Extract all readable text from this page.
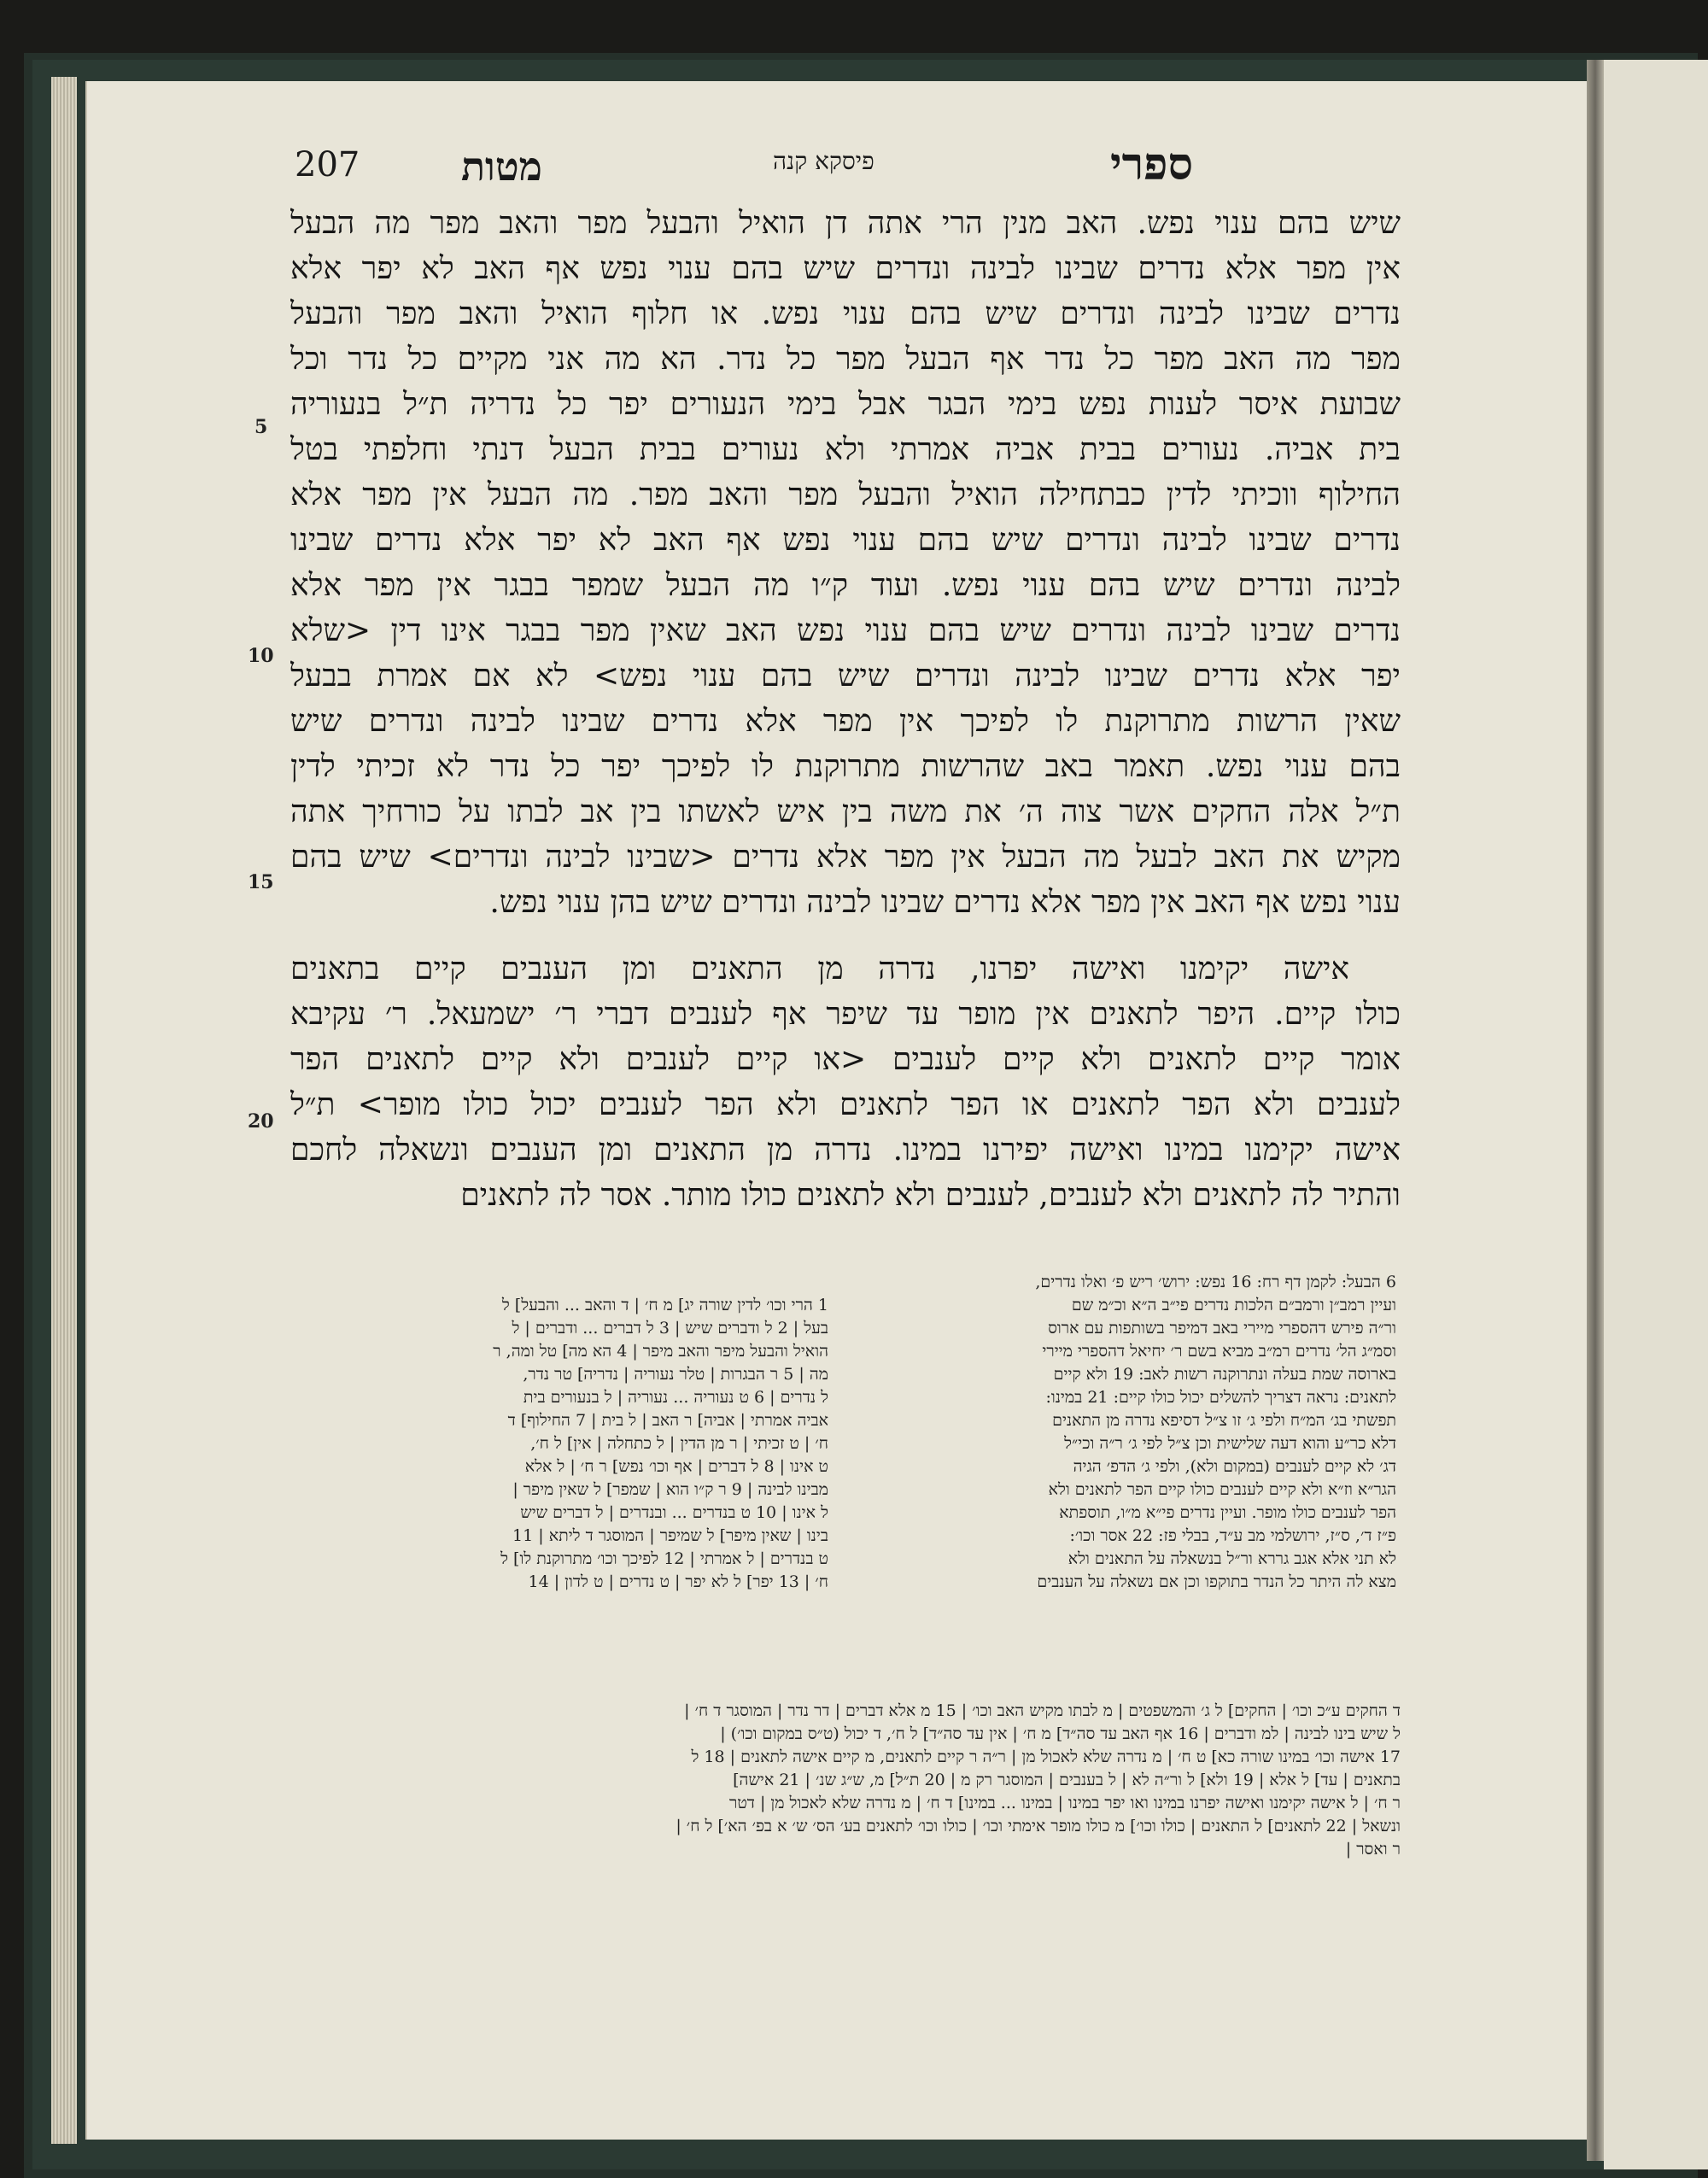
207	מטות	פיסקא קנה	ספרי
שיש בהם ענוי נפש. האב מנין הרי אתה דן הואיל והבעל מפר והאב מפר מה הבעל
אין מפר אלא נדרים שבינו לבינה ונדרים שיש בהם ענוי נפש אף האב לא יפר אלא
נדרים שבינו לבינה ונדרים שיש בהם ענוי נפש. או חלוף הואיל והאב מפר והבעל
מפר מה האב מפר כל נדר אף הבעל מפר כל נדר. הא מה אני מקיים כל נדר וכל
שבועת איסר לענות נפש בימי הבגר אבל בימי הנעורים יפר כל נדריה ת״ל בנעוריה
בית אביה. נעורים בבית אביה אמרתי ולא נעורים בבית הבעל דנתי וחלפתי בטל
החילוף ווכיתי לדין כבתחילה הואיל והבעל מפר והאב מפר. מה הבעל אין מפר אלא
נדרים שבינו לבינה ונדרים שיש בהם ענוי נפש אף האב לא יפר אלא נדרים שבינו
לבינה ונדרים שיש בהם ענוי נפש. ועוד ק״ו מה הבעל שמפר בבגר אין מפר אלא
נדרים שבינו לבינה ונדרים שיש בהם ענוי נפש האב שאין מפר בבגר אינו דין <שלא
יפר אלא נדרים שבינו לבינה ונדרים שיש בהם ענוי נפש> לא אם אמרת בבעל
שאין הרשות מתרוקנת לו לפיכך אין מפר אלא נדרים שבינו לבינה ונדרים שיש
בהם ענוי נפש. תאמר באב שהרשות מתרוקנת לו לפיכך יפר כל נדר לא זכיתי לדין
ת״ל אלה החקים אשר צוה ה׳ את משה בין איש לאשתו בין אב לבתו על כורחיך אתה
מקיש את האב לבעל מה הבעל אין מפר אלא נדרים <שבינו לבינה ונדרים> שיש בהם
ענוי נפש אף האב אין מפר אלא נדרים שבינו לבינה ונדרים שיש בהן ענוי נפש.
אישה יקימנו ואישה יפרנו, נדרה מן התאנים ומן הענבים קיים בתאנים
כולו קיים. היפר לתאנים אין מופר עד שיפר אף לענבים דברי ר׳ ישמעאל. ר׳ עקיבא
אומר קיים לתאנים ולא קיים לענבים <או קיים לענבים ולא קיים לתאנים הפר
לענבים ולא הפר לתאנים או הפר לתאנים ולא הפר לענבים יכול כולו מופר> ת״ל
אישה יקימנו במינו ואישה יפירנו במינו. נדרה מן התאנים ומן הענבים ונשאלה לחכם
והתיר לה לתאנים ולא לענבים, לענבים ולא לתאנים כולו מותר. אסר לה לתאנים
5
10
15
20
6 הבעל: לקמן דף רח: 16 נפש: ירוש׳ ריש פ׳ ואלו נדרים,
ועיין רמב״ן ורמב״ם הלכות נדרים פי״ב ה״א וכ״מ שם
ור״ה פירש דהספרי מיירי באב דמיפר בשותפות עם ארוס
וסמ״ג הל׳ נדרים רמ״ב מביא בשם ר׳ יחיאל דהספרי מיירי
בארוסה שמת בעלה ונתרוקנה רשות לאב: 19 ולא קיים
לתאנים: נראה דצריך להשלים יכול כולו קיים: 21 במינו:
תפשתי בג׳ המ״ח ולפי ג׳ זו צ״ל דסיפא נדרה מן התאנים
דלא כר״ע והוא דעה שלישית וכן צ״ל לפי ג׳ ר״ה וכי״ל
דג׳ לא קיים לענבים (במקום ולא), ולפי ג׳ הדפ׳ הגיה
הגר״א וז״א ולא קיים לענבים כולו קיים הפר לתאנים ולא
הפר לענבים כולו מופר. ועיין נדרים פי״א מ״ו, תוספתא
פ״ז ד׳, ס״ז, ירושלמי מב ע״ד, בבלי פז: 22 אסר וכו׳:
לא תני אלא אגב גררא ור״ל בנשאלה על התאנים ולא
מצא לה היתר כל הנדר בתוקפו וכן אם נשאלה על הענבים
1 הרי וכו׳ לדין שורה יג] מ ח׳ | ד והאב ... והבעל] ל
בעל | 2 ל ודברים שיש | 3 ל דברים ... ודברים | ל
הואיל והבעל מיפר והאב מיפר | 4 הא מה] טל ומה, ר
מה | 5 ר הבגרות | טלר נעוריה | נדריה] טר נדר,
ל נדרים | 6 ט נעוריה ... נעוריה | ל בנעורים בית
אביה אמרתי | אביה] ר האב | ל בית | 7 החילוף] ד
ח׳ | ט זכיתי | ר מן הדין | ל כתחלה | אין] ל ח׳,
ט אינו | 8 ל דברים | אף וכו׳ נפש] ר ח׳ | ל אלא
מבינו לבינה | 9 ר ק״ו הוא | שמפר] ל שאין מיפר |
ל אינו | 10 ט בנדרים ... ובנדרים | ל דברים שיש
בינו | שאין מיפר] ל שמיפר | המוסגר ד ליתא | 11
ט בנדרים | ל אמרתי | 12 לפיכך וכו׳ מתרוקנת לו] ל
ח׳ | 13 יפר] ל לא יפר | ט נדרים | ט לדון | 14
ד החקים ע״כ וכו׳ | החקים] ל ג׳ והמשפטים | מ לבתו מקיש האב וכו׳ | 15 מ אלא דברים | דר נדר | המוסגר ד ח׳ |
ל שיש בינו לבינה | למ ודברים | 16 אף האב עד סה״ד] מ ח׳ | אין עד סה״ד] ל ח׳, ד יכול (ט״ס במקום וכו׳) |
17 אישה וכו׳ במינו שורה כא] ט ח׳ | מ נדרה שלא לאכול מן | ר״ה ר קיים לתאנים, מ קיים אישה לתאנים | 18 ל
בתאנים | עד] ל אלא | 19 ולא] ל ור״ה לא | ל בענבים | המוסגר רק מ | 20 ת״ל] מ, ש״ג שנ׳ | 21 אישה]
ר ח׳ | ל אישה יקימנו ואישה יפרנו במינו ואו יפר במינו | במינו ... במינו] ד ח׳ | מ נדרה שלא לאכול מן | דטר
ונשאל | 22 לתאנים] ל התאנים | כולו וכו׳] מ כולו מופר אימתי וכו׳ | כולו וכו׳ לתאנים בע׳ הס׳ ש׳ א בפ׳ הא׳] ל ח׳ |
ר ואסר |
